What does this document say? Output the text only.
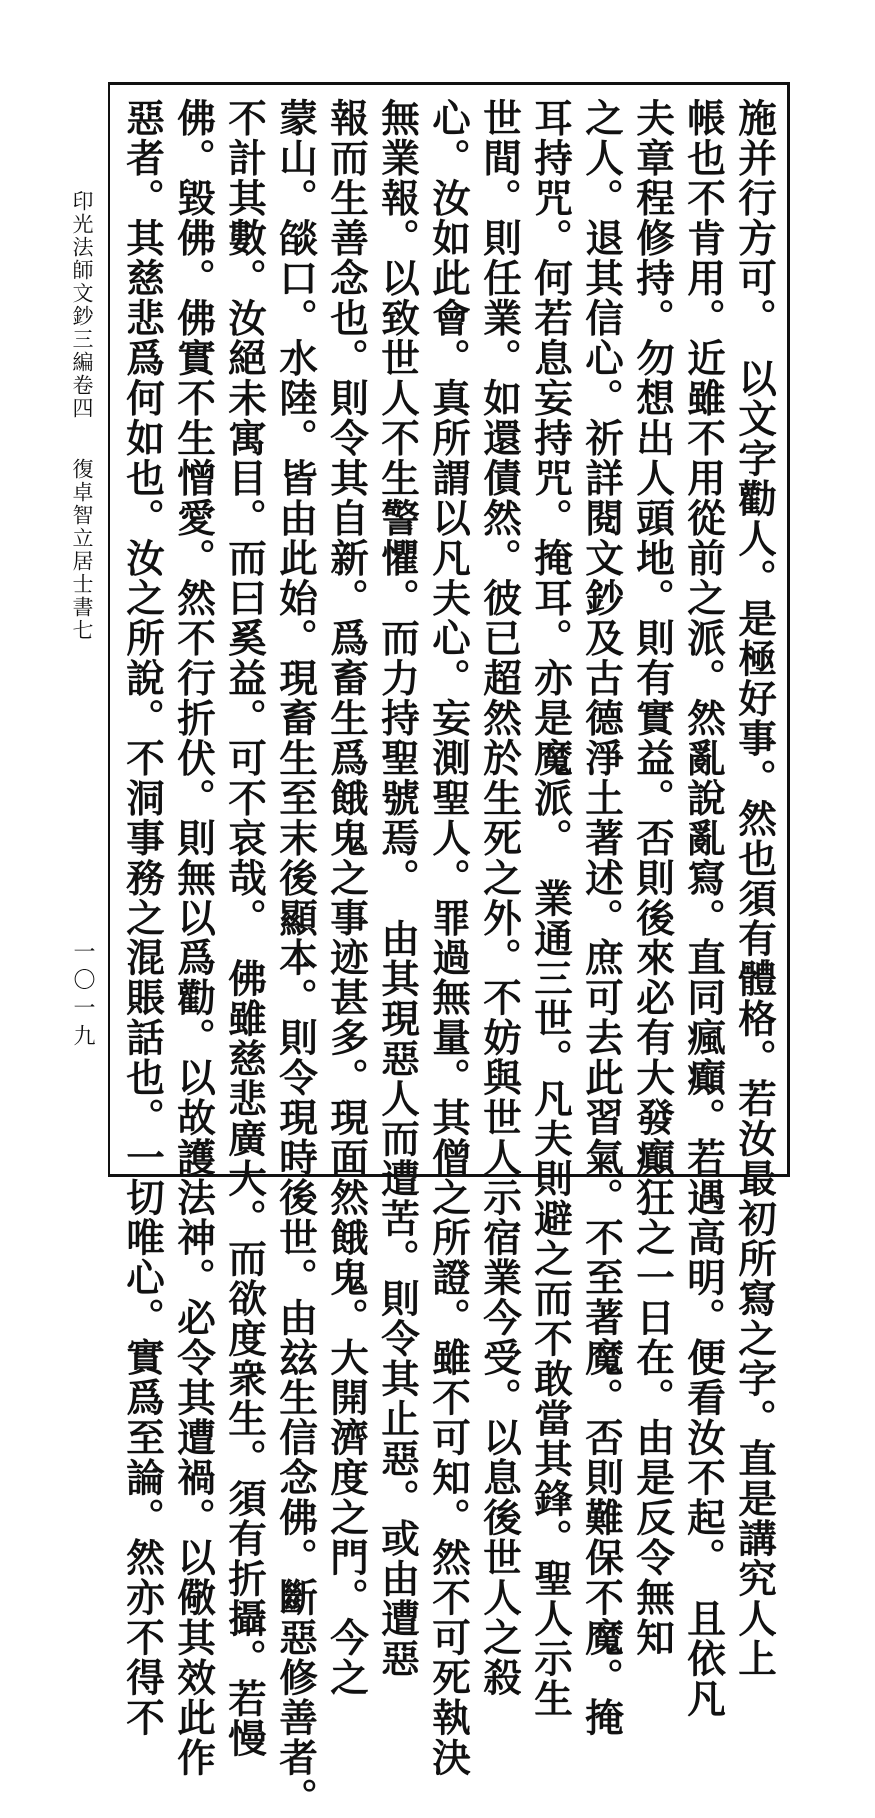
施并行方可。　以文字勸人。是極好事。然也須有體格。若汝最初所寫之字。直是講究人上
帳也不肯用。近雖不用從前之派。然亂說亂寫。直同瘋癲。若遇高明。便看汝不起。　且依凡
夫章程修持。勿想出人頭地。則有實益。否則後來必有大發癲狂之一日在。由是反令無知
之人。退其信心。祈詳閱文鈔及古德淨土著述。庶可去此習氣。不至著魔。否則難保不魔。掩
耳持咒。何若息妄持咒。掩耳。亦是魔派。　業通三世。凡夫則避之而不敢當其鋒。聖人示生
世間。則任業。如還債然。彼已超然於生死之外。不妨與世人示宿業今受。以息後世人之殺
心。汝如此會。真所謂以凡夫心。妄測聖人。罪過無量。其僧之所證。雖不可知。然不可死執決
無業報。以致世人不生警懼。而力持聖號焉。　由其現惡人而遭苦。則令其止惡。或由遭惡
報而生善念也。則令其自新。爲畜生爲餓鬼之事迹甚多。現面然餓鬼。大開濟度之門。今之
蒙山。燄口。水陸。皆由此始。現畜生至末後顯本。則令現時後世。由玆生信念佛。斷惡修善者。
不計其數。汝絕未寓目。而曰奚益。可不哀哉。　佛雖慈悲廣大。而欲度衆生。須有折攝。若慢
佛。毀佛。佛實不生憎愛。然不行折伏。則無以爲勸。以故護法神。必令其遭禍。以儆其效此作
惡者。其慈悲爲何如也。汝之所說。不洞事務之混賬話也。一切唯心。實爲至論。然亦不得不
印光法師文鈔三編卷四
復卓智立居士書七
一〇一九
